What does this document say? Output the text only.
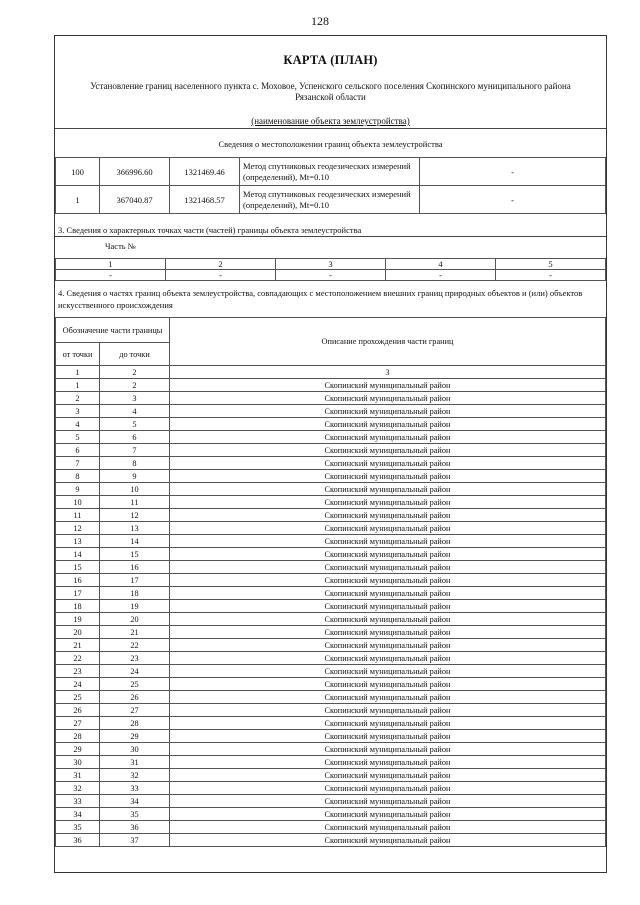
128
КАРТА (ПЛАН)
Установление границ населенного пункта с. Моховое, Успенского сельского поселения Скопинского муниципального района Рязанской области
(наименование объекта землеустройства)
Сведения о местоположении границ объекта землеустройства
100	366996.60	1321469.46	Метод спутниковых геодезических измерений (определений), Mt=0.10	-
1	367040.87	1321468.57	Метод спутниковых геодезических измерений (определений), Mt=0.10	-
3. Сведения о характерных точках части (частей) границы объекта землеустройства
Часть №
1	2	3	4	5
-	-	-	-	-
4. Сведения о частях границ объекта землеустройства, совпадающих с местоположением внешних границ природных объектов и (или) объектов искусственного происхождения
Обозначение части границы		Описание прохождения части границ
от точки	до точки	
1	2	3
1	2	Скопинский муниципальный район
2	3	Скопинский муниципальный район
3	4	Скопинский муниципальный район
4	5	Скопинский муниципальный район
5	6	Скопинский муниципальный район
6	7	Скопинский муниципальный район
7	8	Скопинский муниципальный район
8	9	Скопинский муниципальный район
9	10	Скопинский муниципальный район
10	11	Скопинский муниципальный район
11	12	Скопинский муниципальный район
12	13	Скопинский муниципальный район
13	14	Скопинский муниципальный район
14	15	Скопинский муниципальный район
15	16	Скопинский муниципальный район
16	17	Скопинский муниципальный район
17	18	Скопинский муниципальный район
18	19	Скопинский муниципальный район
19	20	Скопинский муниципальный район
20	21	Скопинский муниципальный район
21	22	Скопинский муниципальный район
22	23	Скопинский муниципальный район
23	24	Скопинский муниципальный район
24	25	Скопинский муниципальный район
25	26	Скопинский муниципальный район
26	27	Скопинский муниципальный район
27	28	Скопинский муниципальный район
28	29	Скопинский муниципальный район
29	30	Скопинский муниципальный район
30	31	Скопинский муниципальный район
31	32	Скопинский муниципальный район
32	33	Скопинский муниципальный район
33	34	Скопинский муниципальный район
34	35	Скопинский муниципальный район
35	36	Скопинский муниципальный район
36	37	Скопинский муниципальный район
